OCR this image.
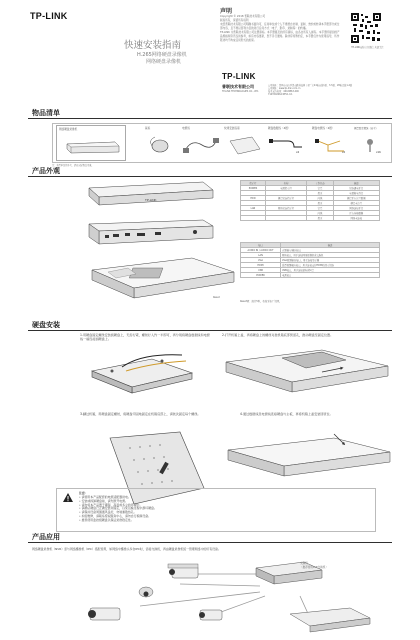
TP-LINK
快速安装指南
H.265网络硬盘录像机
网络硬盘录像机
声明
Copyright © 2018 普联技术有限公司
版权所有，保留所有权利
未经普联技术有限公司明确书面许可，任何单位或个人不得擅自仿制、复制、誊抄或转译本手册部分或全部内容，且不得以营利为目的进行任何方式（电子、影印、录制等）的传播。
TP-LINK 为普联技术有限公司注册商标。本手册提及的所有商标，由各自所有人拥有。本手册所提到的产品规格和资讯仅供参考，如有内容更新，恕不另行通知。除非有特殊约定，本手册仅作为使用指导，所作陈述均不构成任何形式的担保。
TP-LINK安防官方微信 欢迎关注
TP-LINK
普联技术有限公司
TP-LINK TECHNOLOGIES CO., LTD.
公司地址：深圳市南山区深南路科技园工业厂房24栋南段1层、3-5层、28栋北段1-4层
公司网址：www.tp-link.com.cn
技术支持热线：400-8863-400
7103502064 REV1.0.1
物品清单
网络硬盘录像机	鼠标	电源线	快速安装指南	硬盘数据线（4根）
x4
硬盘电源线（2根）
x2
硬盘固定螺丝（若干）
x16
注：本清单仅作参考，请以实际物品为准。
产品外观
TP-LINK
Reset
指示灯	名称	工作状态	描述
POWER	电源指示灯	常亮	设备通电正常
		熄灭	电源断电异常
HDD	硬盘状态指示灯	闪烁	硬盘正在读写数据
		熄灭	硬盘未读写
LAN	网络状态指示灯	常亮	网络连接正常
		闪烁	正在传输数据
		熄灭	网络未连接
接口	描述
AUDIO IN / AUDIO OUT	音频输入/输出接口
LAN	网络接口，用于连接网络摄像机或交换机
VGA	VGA视频输出接口，用于连接显示器
HDMI	高清视频输出接口，用于连接支持HDMI的显示设备
USB	USB接口，用于连接鼠标或U盘
POWER	电源接口
Reset键：按住5秒，将恢复出厂设置。
硬盘安装
1.用硬盘固定螺丝安装到硬盘上，无需拧紧，螺丝拧入约一半即可，再分别将硬盘数据线和电源线一端连接到硬盘上。
2.打开机箱上盖，再将硬盘上的螺丝对准机箱底部预留孔，推动硬盘至固定位置。
3.翻过机箱，用硬盘固定螺丝，将硬盘牢固地固定在机箱底部上，请依次固定每个螺丝。	4.通过数据线及电源线连接硬盘与主板，再将机箱上盖安装回原位。
注意：
• 请使用本产品配套的电源适配器供电。
• 安装或拆卸硬盘前，请先断开电源。
• 请勿将本产品置于潮湿、高温或多尘的环境中。
• 请确认硬盘已正确安装并固定，以免运输过程中损坏硬盘。
• 请保持设备周围通风良好，勿堵塞散热孔。
• 如需维修，请联系授权服务中心，请勿自行拆卸设备。
• 推荐使用监控级硬盘以保证录像稳定性。
产品应用
网络硬盘录像机（NVR）需与网络摄像机（IPC）搭配使用，如网络中摄像头多台IPC时，需接交换机，再由硬盘录像机统一管理网络中的所有设备。
交换机
（推荐使用PoE交换机）
